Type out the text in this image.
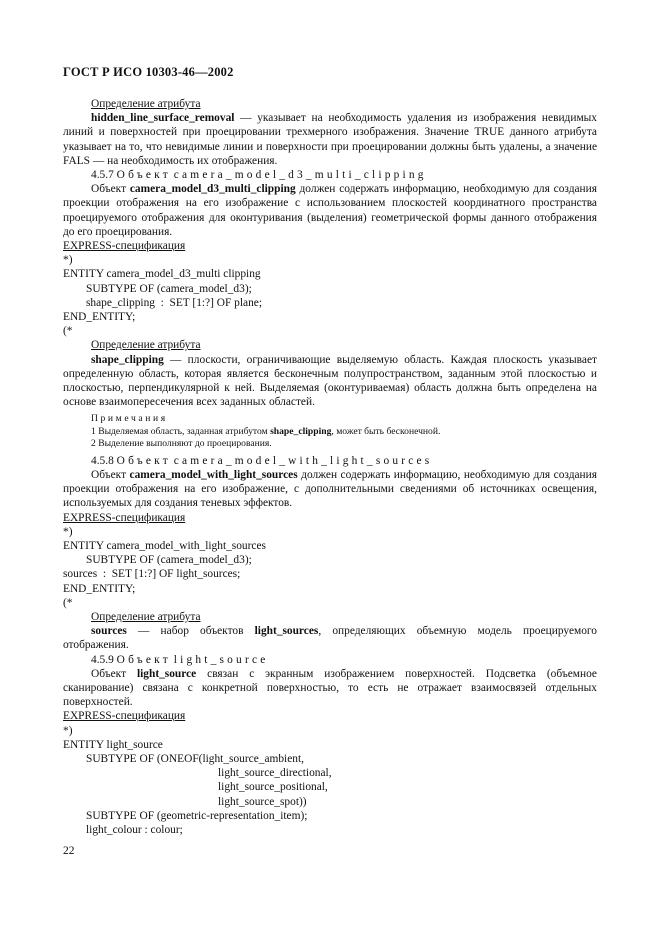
ГОСТ Р ИСО 10303-46—2002

Определение атрибута

hidden_line_surface_removal — указывает на необходимость удаления из изображения невидимых линий и поверхностей при проецировании трехмерного изображения. Значение TRUE данного атрибута указывает на то, что невидимые линии и поверхности при проецировании должны быть удалены, а значение FALS — на необходимость их отображения.

4.5.7 Объект camera_model_d3_multi_clipping

Объект camera_model_d3_multi_clipping должен содержать информацию, необходимую для создания проекции отображения на его изображение с использованием плоскостей координатного пространства проецируемого отображения для оконтуривания (выделения) геометрической формы данного отображения до его проецирования.

EXPRESS-спецификация

*)

ENTITY camera_model_d3_multi clipping

SUBTYPE OF (camera_model_d3);

shape_clipping  :  SET [1:?] OF plane;

END_ENTITY;

(*

Определение атрибута

shape_clipping — плоскости, ограничивающие выделяемую область. Каждая плоскость указывает определенную область, которая является бесконечным полупространством, заданным этой плоскостью и плоскостью, перпендикулярной к ней. Выделяемая (оконтуриваемая) область должна быть определена на основе взаимопересечения всех заданных областей.

Примечания
1 Выделяемая область, заданная атрибутом shape_clipping, может быть бесконечной.
2 Выделение выполняют до проецирования.

4.5.8 Объект camera_model_with_light_sources

Объект camera_model_with_light_sources должен содержать информацию, необходимую для создания проекции отображения на его изображение, с дополнительными сведениями об источниках освещения, используемых для создания теневых эффектов.

EXPRESS-спецификация

*)

ENTITY camera_model_with_light_sources

SUBTYPE OF (camera_model_d3);

sources  :  SET [1:?] OF light_sources;

END_ENTITY;

(*

Определение атрибута

sources — набор объектов light_sources, определяющих объемную модель проецируемого отображения.

4.5.9 Объект light_source

Объект light_source связан с экранным изображением поверхностей. Подсветка (объемное сканирование) связана с конкретной поверхностью, то есть не отражает взаимосвязей отдельных поверхностей.

EXPRESS-спецификация

*)

ENTITY light_source

SUBTYPE OF (ONEOF(light_source_ambient,

light_source_directional,

light_source_positional,

light_source_spot))

SUBTYPE OF (geometric-representation_item);

light_colour : colour;

22
